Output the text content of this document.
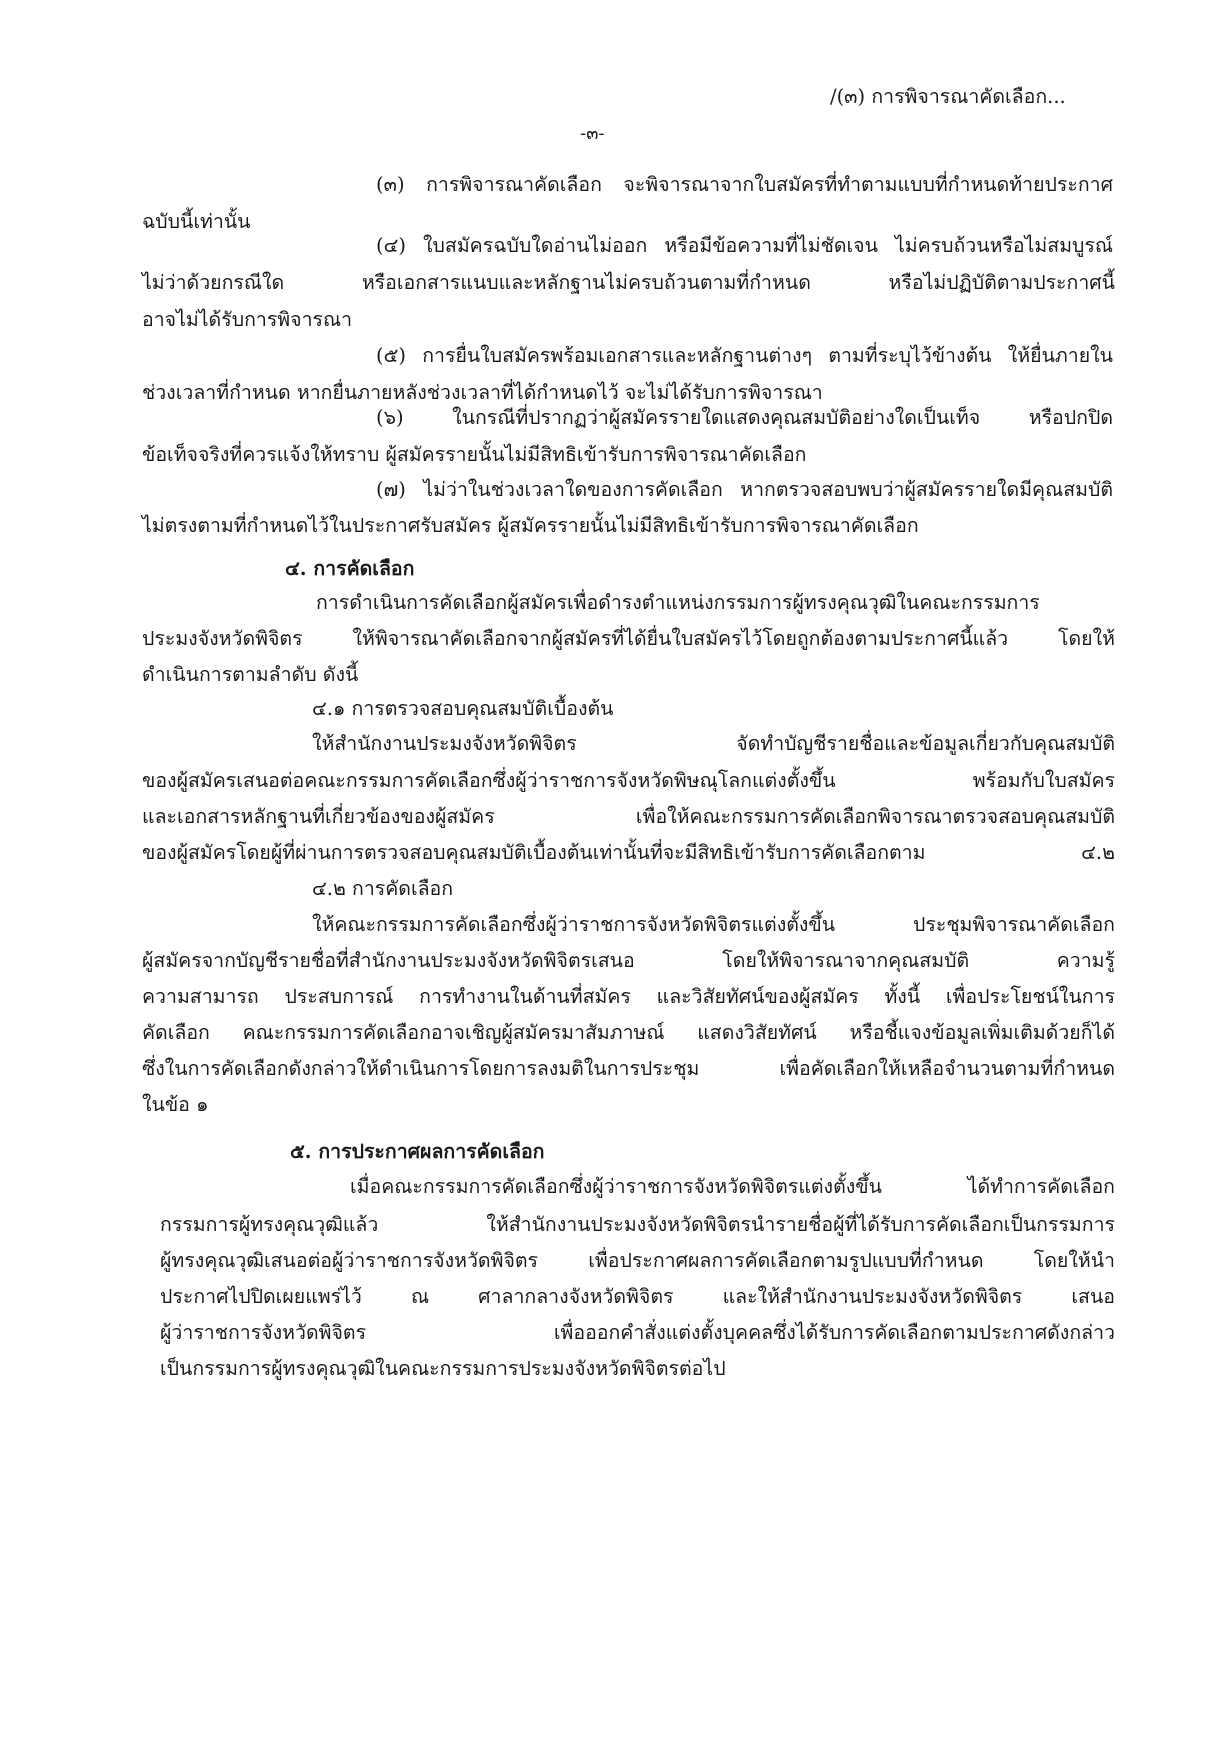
/(๓) การพิจารณาคัดเลือก...
-๓-
(๓) การพิจารณาคัดเลือก จะพิจารณาจากใบสมัครที่ทำตามแบบที่กำหนดท้ายประกาศ
ฉบับนี้เท่านั้น
(๔) ใบสมัครฉบับใดอ่านไม่ออก หรือมีข้อความที่ไม่ชัดเจน ไม่ครบถ้วนหรือไม่สมบูรณ์
ไม่ว่าด้วยกรณีใด หรือเอกสารแนบและหลักฐานไม่ครบถ้วนตามที่กำหนด หรือไม่ปฏิบัติตามประกาศนี้
อาจไม่ได้รับการพิจารณา
(๕) การยื่นใบสมัครพร้อมเอกสารและหลักฐานต่างๆ ตามที่ระบุไว้ข้างต้น ให้ยื่นภายใน
ช่วงเวลาที่กำหนด หากยื่นภายหลังช่วงเวลาที่ได้กำหนดไว้ จะไม่ได้รับการพิจารณา
(๖) ในกรณีที่ปรากฏว่าผู้สมัครรายใดแสดงคุณสมบัติอย่างใดเป็นเท็จ หรือปกปิด
ข้อเท็จจริงที่ควรแจ้งให้ทราบ ผู้สมัครรายนั้นไม่มีสิทธิเข้ารับการพิจารณาคัดเลือก
(๗) ไม่ว่าในช่วงเวลาใดของการคัดเลือก หากตรวจสอบพบว่าผู้สมัครรายใดมีคุณสมบัติ
ไม่ตรงตามที่กำหนดไว้ในประกาศรับสมัคร ผู้สมัครรายนั้นไม่มีสิทธิเข้ารับการพิจารณาคัดเลือก
๔. การคัดเลือก
การดำเนินการคัดเลือกผู้สมัครเพื่อดำรงตำแหน่งกรรมการผู้ทรงคุณวุฒิในคณะกรรมการ
ประมงจังหวัดพิจิตร ให้พิจารณาคัดเลือกจากผู้สมัครที่ได้ยื่นใบสมัครไว้โดยถูกต้องตามประกาศนี้แล้ว โดยให้
ดำเนินการตามลำดับ ดังนี้
๔.๑ การตรวจสอบคุณสมบัติเบื้องต้น
ให้สำนักงานประมงจังหวัดพิจิตร จัดทำบัญชีรายชื่อและข้อมูลเกี่ยวกับคุณสมบัติ
ของผู้สมัครเสนอต่อคณะกรรมการคัดเลือกซึ่งผู้ว่าราชการจังหวัดพิษณุโลกแต่งตั้งขึ้น พร้อมกับใบสมัคร
และเอกสารหลักฐานที่เกี่ยวข้องของผู้สมัคร เพื่อให้คณะกรรมการคัดเลือกพิจารณาตรวจสอบคุณสมบัติ
ของผู้สมัครโดยผู้ที่ผ่านการตรวจสอบคุณสมบัติเบื้องต้นเท่านั้นที่จะมีสิทธิเข้ารับการคัดเลือกตาม ๔.๒
๔.๒ การคัดเลือก
ให้คณะกรรมการคัดเลือกซึ่งผู้ว่าราชการจังหวัดพิจิตรแต่งตั้งขึ้น ประชุมพิจารณาคัดเลือก
ผู้สมัครจากบัญชีรายชื่อที่สำนักงานประมงจังหวัดพิจิตรเสนอ โดยให้พิจารณาจากคุณสมบัติ ความรู้
ความสามารถ ประสบการณ์ การทำงานในด้านที่สมัคร และวิสัยทัศน์ของผู้สมัคร ทั้งนี้ เพื่อประโยชน์ในการ
คัดเลือก คณะกรรมการคัดเลือกอาจเชิญผู้สมัครมาสัมภาษณ์ แสดงวิสัยทัศน์ หรือชี้แจงข้อมูลเพิ่มเติมด้วยก็ได้
ซึ่งในการคัดเลือกดังกล่าวให้ดำเนินการโดยการลงมติในการประชุม เพื่อคัดเลือกให้เหลือจำนวนตามที่กำหนด
ในข้อ ๑
๕. การประกาศผลการคัดเลือก
เมื่อคณะกรรมการคัดเลือกซึ่งผู้ว่าราชการจังหวัดพิจิตรแต่งตั้งขึ้น ได้ทำการคัดเลือก
กรรมการผู้ทรงคุณวุฒิแล้ว ให้สำนักงานประมงจังหวัดพิจิตรนำรายชื่อผู้ที่ได้รับการคัดเลือกเป็นกรรมการ
ผู้ทรงคุณวุฒิเสนอต่อผู้ว่าราชการจังหวัดพิจิตร เพื่อประกาศผลการคัดเลือกตามรูปแบบที่กำหนด โดยให้นำ
ประกาศไปปิดเผยแพร่ไว้ ณ ศาลากลางจังหวัดพิจิตร และให้สำนักงานประมงจังหวัดพิจิตร เสนอ
ผู้ว่าราชการจังหวัดพิจิตร เพื่อออกคำสั่งแต่งตั้งบุคคลซึ่งได้รับการคัดเลือกตามประกาศดังกล่าว
เป็นกรรมการผู้ทรงคุณวุฒิในคณะกรรมการประมงจังหวัดพิจิตรต่อไป
